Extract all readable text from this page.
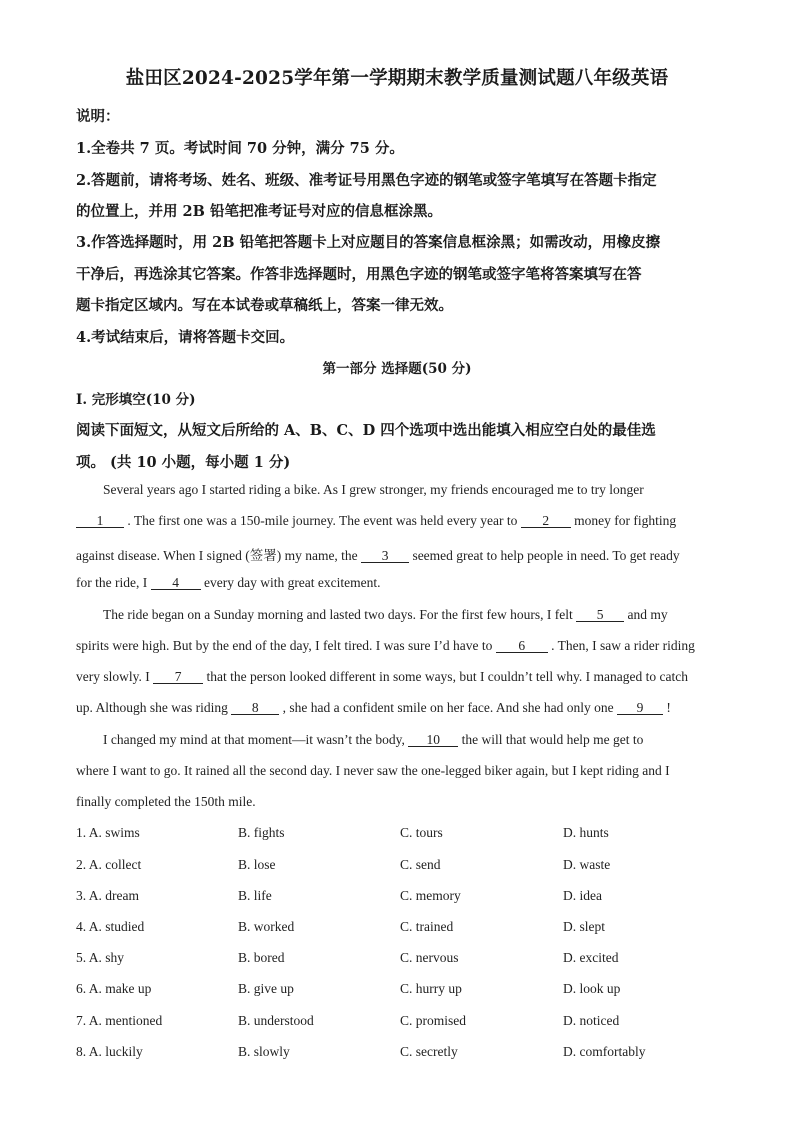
盐田区2024-2025学年第一学期期末教学质量测试题八年级英语
说明：
1.全卷共 7 页。考试时间 70 分钟，满分 75 分。
2.答题前，请将考场、姓名、班级、准考证号用黑色字迹的钢笔或签字笔填写在答题卡指定
的位置上，并用 2B 铅笔把准考证号对应的信息框涂黑。
3.作答选择题时，用 2B 铅笔把答题卡上对应题目的答案信息框涂黑；如需改动，用橡皮擦
干净后，再选涂其它答案。作答非选择题时，用黑色字迹的钢笔或签字笔将答案填写在答
题卡指定区域内。写在本试卷或草稿纸上，答案一律无效。
4.考试结束后，请将答题卡交回。
第一部分 选择题(50 分)
I. 完形填空(10 分)
阅读下面短文，从短文后所给的 A、B、C、D 四个选项中选出能填入相应空白处的最佳选
项。 (共 10 小题，每小题 1 分)
Several years ago I started riding a bike. As I grew stronger, my friends encouraged me to try longer
1 . The first one was a 150-mile journey. The event was held every year to 2 money for fighting
against disease. When I signed (签署) my name, the 3 seemed great to help people in need. To get ready
for the ride, I 4 every day with great excitement.
The ride began on a Sunday morning and lasted two days. For the first few hours, I felt 5 and my
spirits were high. But by the end of the day, I felt tired. I was sure I’d have to 6 . Then, I saw a rider riding
very slowly. I 7 that the person looked different in some ways, but I couldn’t tell why. I managed to catch
up. Although she was riding 8 , she had a confident smile on her face. And she had only one 9 !
I changed my mind at that moment—it wasn’t the body, 10 the will that would help me get to
where I want to go. It rained all the second day. I never saw the one-legged biker again, but I kept riding and I
finally completed the 150th mile.
1. A. swims	B. fights	C. tours	D. hunts
2. A. collect	B. lose	C. send	D. waste
3. A. dream	B. life	C. memory	D. idea
4. A. studied	B. worked	C. trained	D. slept
5. A. shy	B. bored	C. nervous	D. excited
6. A. make up	B. give up	C. hurry up	D. look up
7. A. mentioned	B. understood	C. promised	D. noticed
8. A. luckily	B. slowly	C. secretly	D. comfortably
